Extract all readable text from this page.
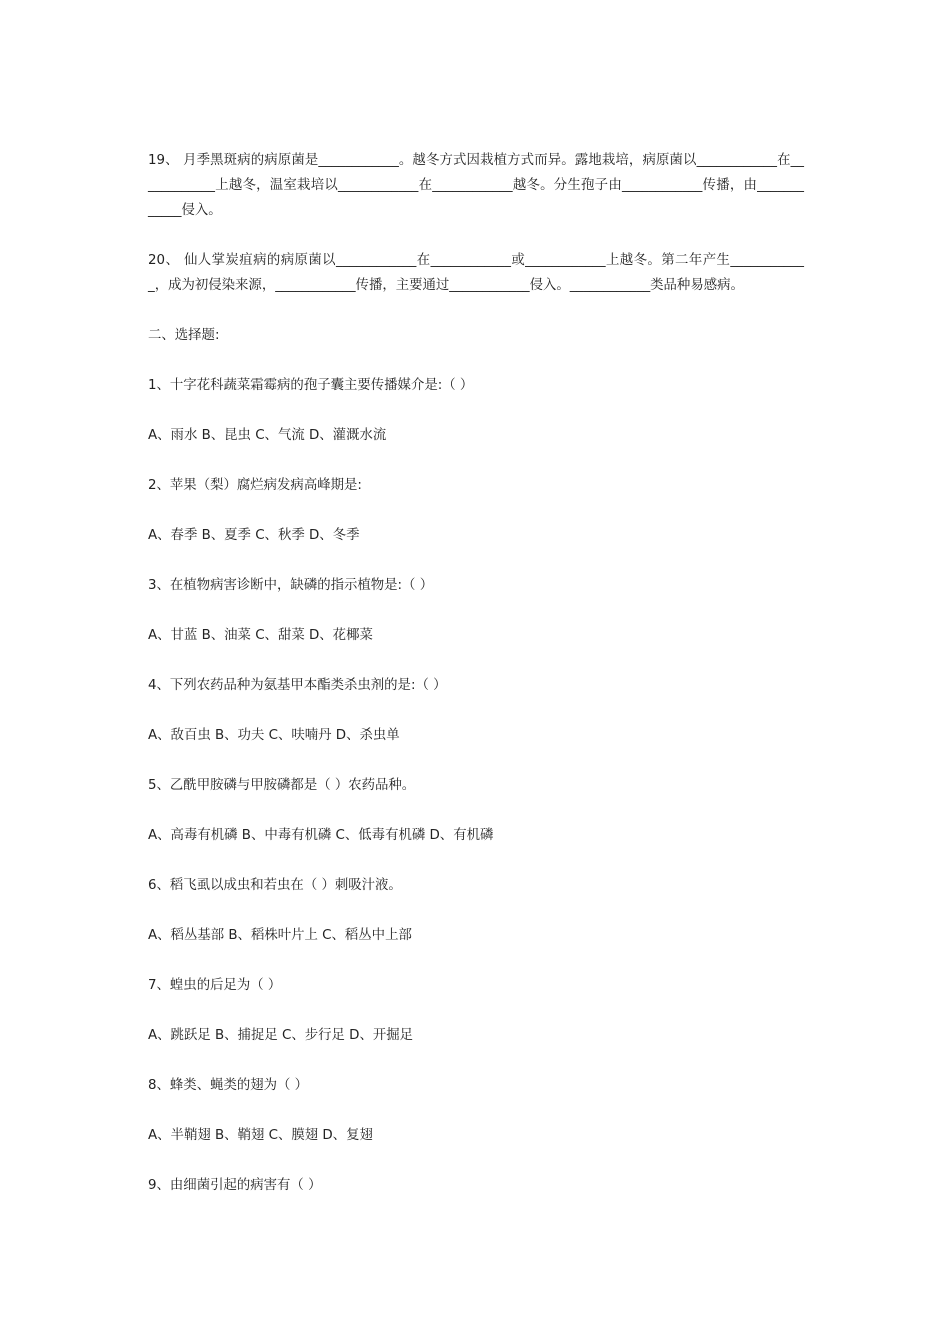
19、 月季黑斑病的病原菌是____________。越冬方式因栽植方式而异。露地栽培，病原菌以____________在____________上越冬，温室栽培以____________在____________越冬。分生孢子由____________传播，由____________侵入。

20、 仙人掌炭疽病的病原菌以____________在____________或____________上越冬。第二年产生____________，成为初侵染来源，____________传播，主要通过____________侵入。____________类品种易感病。

二、选择题:

1、十字花科蔬菜霜霉病的孢子囊主要传播媒介是:（ ）

A、雨水 B、昆虫 C、气流 D、灌溉水流

2、苹果（梨）腐烂病发病高峰期是:

A、春季 B、夏季 C、秋季 D、冬季

3、在植物病害诊断中，缺磷的指示植物是:（ ）

A、甘蓝 B、油菜 C、甜菜 D、花椰菜

4、下列农药品种为氨基甲本酯类杀虫剂的是:（ ）

A、敌百虫 B、功夫 C、呋喃丹 D、杀虫单

5、乙酰甲胺磷与甲胺磷都是（ ）农药品种。

A、高毒有机磷 B、中毒有机磷 C、低毒有机磷 D、有机磷

6、稻飞虱以成虫和若虫在（ ）刺吸汁液。

A、稻丛基部 B、稻株叶片上 C、稻丛中上部

7、蝗虫的后足为（ ）

A、跳跃足 B、捕捉足 C、步行足 D、开掘足

8、蜂类、蝇类的翅为（ ）

A、半鞘翅 B、鞘翅 C、膜翅 D、复翅

9、由细菌引起的病害有（ ）
